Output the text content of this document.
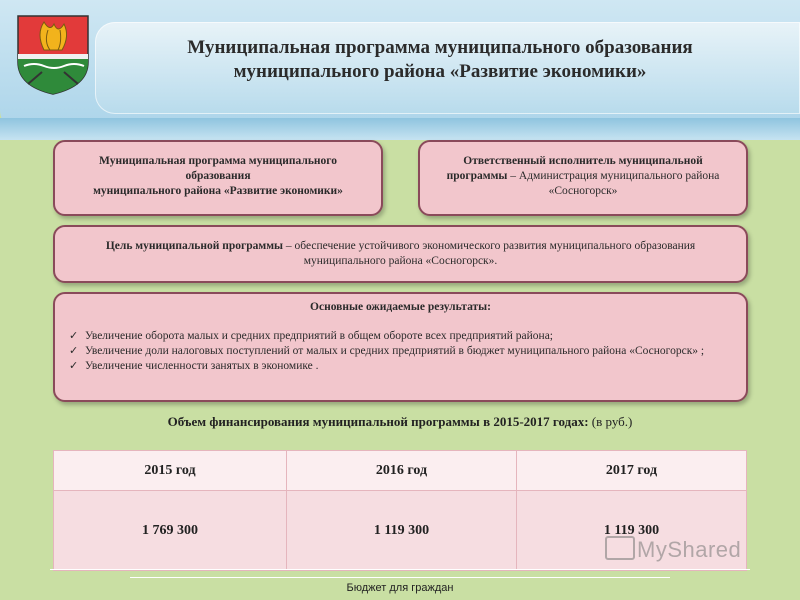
Муниципальная программа муниципального образования
муниципального района «Развитие экономики»
Муниципальная программа муниципального
образования
муниципального района «Развитие экономики»
Ответственный исполнитель муниципальной программы – Администрация муниципального района «Сосногорск»
Цель муниципальной программы – обеспечение устойчивого экономического развития муниципального образования муниципального района «Сосногорск».
Основные ожидаемые результаты:
✓ Увеличение оборота малых и средних предприятий в общем обороте всех предприятий района;
✓ Увеличение доли налоговых поступлений от малых и средних предприятий в бюджет муниципального района «Сосногорск» ;
✓ Увеличение численности занятых в экономике .
Объем финансирования муниципальной программы в 2015-2017 годах: (в руб.)
2015 год	2016 год	2017 год
1 769 300	1 119 300	1 119 300
MyShared
Бюджет для граждан
